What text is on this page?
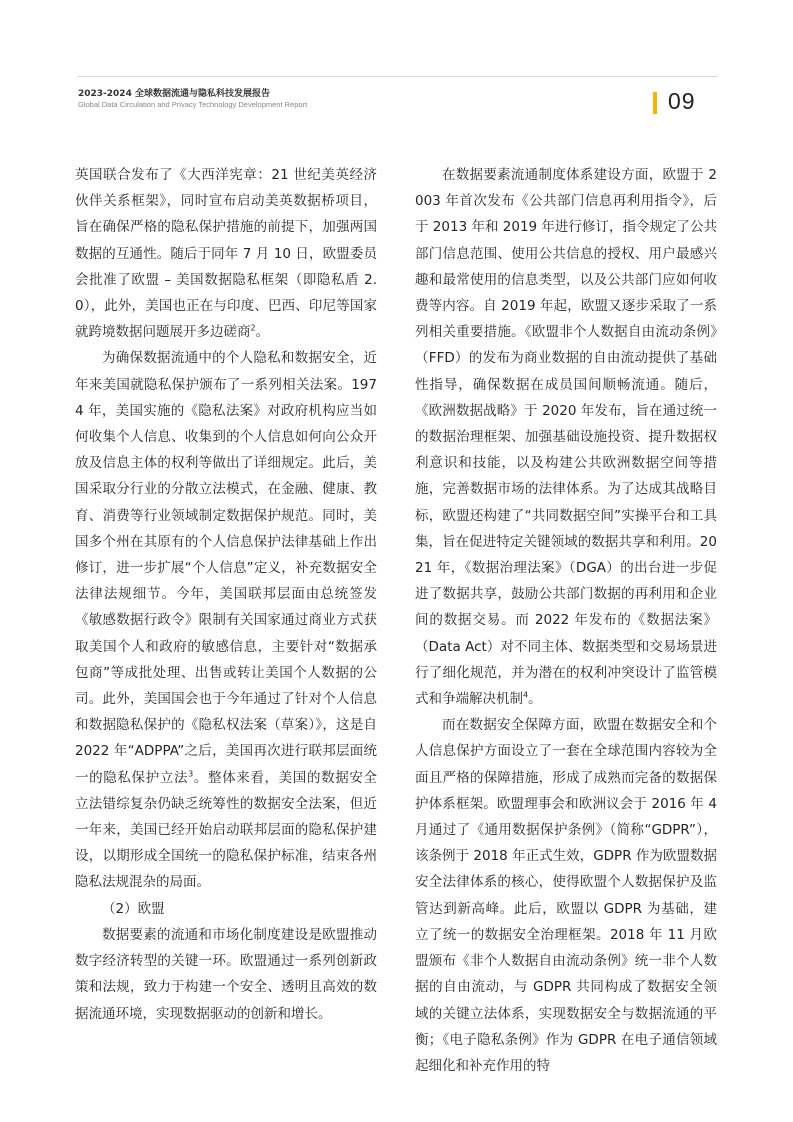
2023-2024 全球数据流通与隐私科技发展报告
Global Data Circulation and Privacy Technology Development Report	09

英国联合发布了《大西洋宪章：21 世纪美英经济伙伴关系框架》，同时宣布启动美英数据桥项目，旨在确保严格的隐私保护措施的前提下，加强两国数据的互通性。随后于同年 7 月 10 日，欧盟委员会批准了欧盟 – 美国数据隐私框架（即隐私盾 2.0），此外，美国也正在与印度、巴西、印尼等国家就跨境数据问题展开多边磋商$^2$。

为确保数据流通中的个人隐私和数据安全，近年来美国就隐私保护颁布了一系列相关法案。1974 年，美国实施的《隐私法案》对政府机构应当如何收集个人信息、收集到的个人信息如何向公众开放及信息主体的权利等做出了详细规定。此后，美国采取分行业的分散立法模式，在金融、健康、教育、消费等行业领域制定数据保护规范。同时，美国多个州在其原有的个人信息保护法律基础上作出修订，进一步扩展“个人信息”定义，补充数据安全法律法规细节。今年，美国联邦层面由总统签发《敏感数据行政令》限制有关国家通过商业方式获取美国个人和政府的敏感信息，主要针对“数据承包商”等成批处理、出售或转让美国个人数据的公司。此外，美国国会也于今年通过了针对个人信息和数据隐私保护的《隐私权法案（草案）》，这是自 2022 年“ADPPA”之后，美国再次进行联邦层面统一的隐私保护立法$^3$。整体来看，美国的数据安全立法错综复杂仍缺乏统筹性的数据安全法案，但近一年来，美国已经开始启动联邦层面的隐私保护建设，以期形成全国统一的隐私保护标准，结束各州隐私法规混杂的局面。

（2）欧盟

数据要素的流通和市场化制度建设是欧盟推动数字经济转型的关键一环。欧盟通过一系列创新政策和法规，致力于构建一个安全、透明且高效的数据流通环境，实现数据驱动的创新和增长。

在数据要素流通制度体系建设方面，欧盟于 2003 年首次发布《公共部门信息再利用指令》，后于 2013 年和 2019 年进行修订，指令规定了公共部门信息范围、使用公共信息的授权、用户最感兴趣和最常使用的信息类型，以及公共部门应如何收费等内容。自 2019 年起，欧盟又逐步采取了一系列相关重要措施。《欧盟非个人数据自由流动条例》（FFD）的发布为商业数据的自由流动提供了基础性指导，确保数据在成员国间顺畅流通。随后，《欧洲数据战略》于 2020 年发布，旨在通过统一的数据治理框架、加强基础设施投资、提升数据权利意识和技能，以及构建公共欧洲数据空间等措施，完善数据市场的法律体系。为了达成其战略目标，欧盟还构建了“共同数据空间”实操平台和工具集，旨在促进特定关键领域的数据共享和利用。2021 年，《数据治理法案》（DGA）的出台进一步促进了数据共享，鼓励公共部门数据的再利用和企业间的数据交易。而 2022 年发布的《数据法案》（Data Act）对不同主体、数据类型和交易场景进行了细化规范，并为潜在的权利冲突设计了监管模式和争端解决机制$^4$。

而在数据安全保障方面，欧盟在数据安全和个人信息保护方面设立了一套在全球范围内容较为全面且严格的保障措施，形成了成熟而完备的数据保护体系框架。欧盟理事会和欧洲议会于 2016 年 4 月通过了《通用数据保护条例》（简称“GDPR”），该条例于 2018 年正式生效，GDPR 作为欧盟数据安全法律体系的核心，使得欧盟个人数据保护及监管达到新高峰。此后，欧盟以 GDPR 为基础，建立了统一的数据安全治理框架。2018 年 11 月欧盟颁布《非个人数据自由流动条例》统一非个人数据的自由流动，与 GDPR 共同构成了数据安全领域的关键立法体系，实现数据安全与数据流通的平衡；《电子隐私条例》作为 GDPR 在电子通信领域起细化和补充作用的特
